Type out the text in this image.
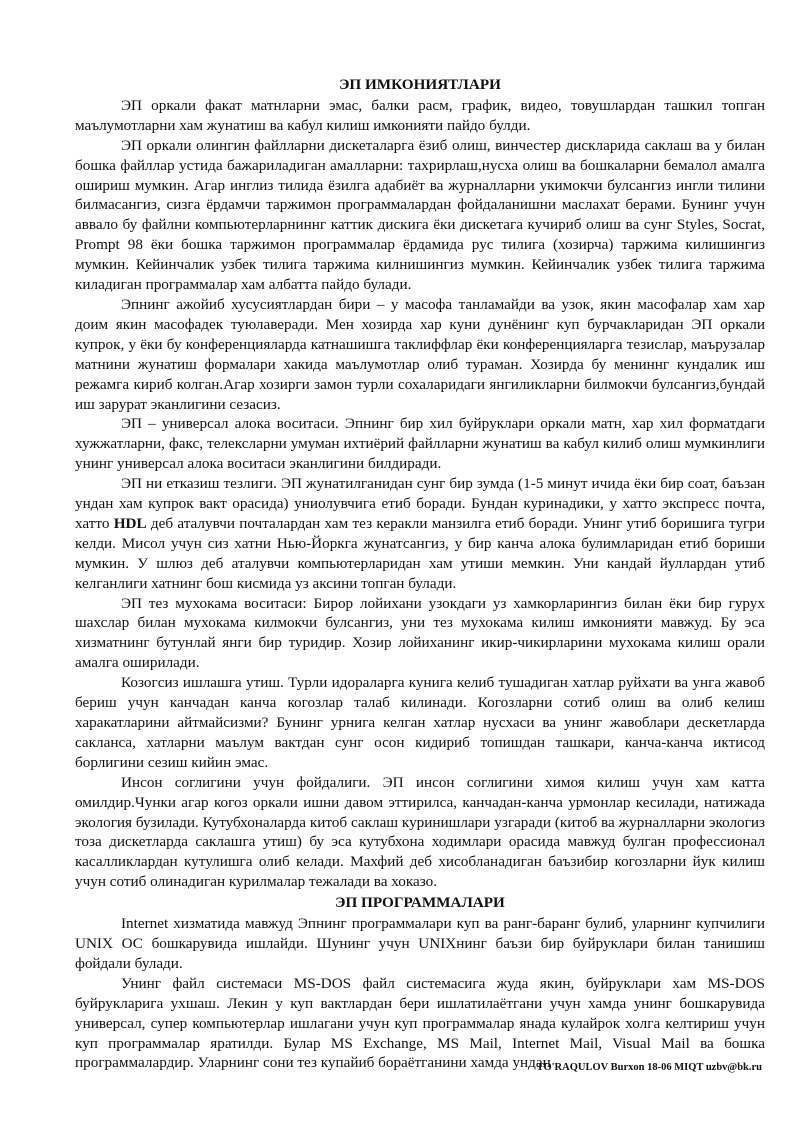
ЭП ИМКОНИЯТЛАРИ

ЭП оркали факат матнларни эмас, балки расм, график, видео, товушлардан ташкил топган маълумотларни хам жунатиш ва кабул килиш имконияти пайдо булди.

ЭП оркали олингин файлларни дискеталарга ёзиб олиш, винчестер дискларида саклаш ва у билан бошка файллар устида бажариладиган амалларни: тахрирлаш,нусха олиш ва бошкаларни бемалол амалга ошириш мумкин. Агар инглиз тилида ёзилга адабиёт ва журналларни укимокчи булсангиз ингли тилини билмасангиз, сизга ёрдамчи таржимон программалардан фойдаланишни маслахат берами. Бунинг учун аввало бу файлни компьютерларниннг каттик дискига ёки дискетага кучириб олиш ва сунг Styles, Socrat, Prompt 98 ёки бошка таржимон программалар ёрдамида рус тилига (хозирча) таржима килишингиз мумкин. Кейинчалик узбек тилига таржима килнишингиз мумкин. Кейинчалик узбек тилига таржима киладиган программалар хам албатта пайдо булади.

Эпнинг ажойиб хусусиятлардан бири – у масофа танламайди ва узок, якин масофалар хам хар доим якин масофадек туюлаверади. Мен хозирда хар куни дунёнинг куп бурчакларидан ЭП оркали купрок, у ёки бу конференцияларда катнашишга таклиффлар ёки конференцияларга тезислар, маърузалар матнини жунатиш формалари хакида маълумотлар олиб тураман. Хозирда бу мениннг кундалик иш режамга кириб колган.Агар хозирги замон турли сохаларидаги янгиликларни билмокчи булсангиз,бундай иш зарурат эканлигини сезасиз.

ЭП – универсал алока воситаси. Эпнинг бир хил буйруклари оркали матн, хар хил форматдаги хужжатларни, факс, телексларни умуман ихтиёрий файлларни жунатиш ва кабул килиб олиш мумкинлиги унинг универсал алока воситаси эканлигини билдиради.

ЭП ни етказиш тезлиги. ЭП жунатилганидан сунг бир зумда (1-5 минут ичида ёки бир соат, баъзан ундан хам купрок вакт орасида) униолувчига етиб боради. Бундан куринадики, у хатто экспресс почта, хатто HDL деб аталувчи почталардан хам тез керакли манзилга етиб боради. Унинг утиб боришига тугри келди. Мисол учун сиз хатни Нью-Йоркга жунатсангиз, у бир канча алока булимларидан етиб бориши мумкин. У шлюз деб аталувчи компьютерларидан хам утиши мемкин. Уни кандай йуллардан утиб келганлиги хатнинг бош кисмида уз аксини топган булади.

ЭП тез мухокама воситаси: Бирор лойихани узокдаги уз хамкорларингиз билан ёки бир гурух шахслар билан мухокама килмокчи булсангиз, уни тез мухокама килиш имконияти мавжуд. Бу эса хизматнинг бутунлай янги бир туридир. Хозир лойиханинг икир-чикирларини мухокама килиш орали амалга оширилади.

Козогсиз ишлашга утиш. Турли идораларга кунига келиб тушадиган хатлар руйхати ва унга жавоб бериш учун канчадан канча когозлар талаб килинади. Когозларни сотиб олиш ва олиб келиш харакатларини айтмайсизми? Бунинг урнига келган хатлар нусхаси ва унинг жавоблари дескетларда сакланса, хатларни маълум вактдан сунг осон кидириб топишдан ташкари, канча-канча иктисод борлигини сезиш кийин эмас.

Инсон соглигини учун фойдалиги. ЭП инсон соглигини химоя килиш учун хам катта омилдир.Чунки агар когоз оркали ишни давом эттирилса, канчадан-канча урмонлар кесилади, натижада экология бузилади. Кутубхоналарда китоб саклаш куринишлари узгаради (китоб ва журналларни экологиз тоза дискетларда саклашга утиш) бу эса кутубхона ходимлари орасида мавжуд булган профессионал касалликлардан кутулишга олиб келади. Махфий деб хисобланадиган баъзибир когозларни йук килиш учун сотиб олинадиган курилмалар тежалади ва хоказо.

ЭП ПРОГРАММАЛАРИ

Internet хизматида мавжуд Эпнинг программалари куп ва ранг-баранг булиб, уларнинг купчилиги UNIX ОС бошкарувида ишлайди. Шунинг учун UNIXнинг баъзи бир буйруклари билан танишиш фойдали булади.

Унинг файл системаси MS-DOS файл системасига жуда якин, буйруклари хам MS-DOS буйрукларига ухшаш. Лекин у куп вактлардан бери ишлатилаётгани учун хамда унинг бошкарувида универсал, супер компьютерлар ишлагани учун куп программалар янада кулайрок холга келтириш учун куп программалар яратилди. Булар MS Exchange, MS Mail, Internet Mail, Visual Mail ва бошка программалардир. Уларнинг сони тез купайиб бораётганини хамда ундан

TO'RAQULOV Burxon 18-06 MIQT uzbv@bk.ru
